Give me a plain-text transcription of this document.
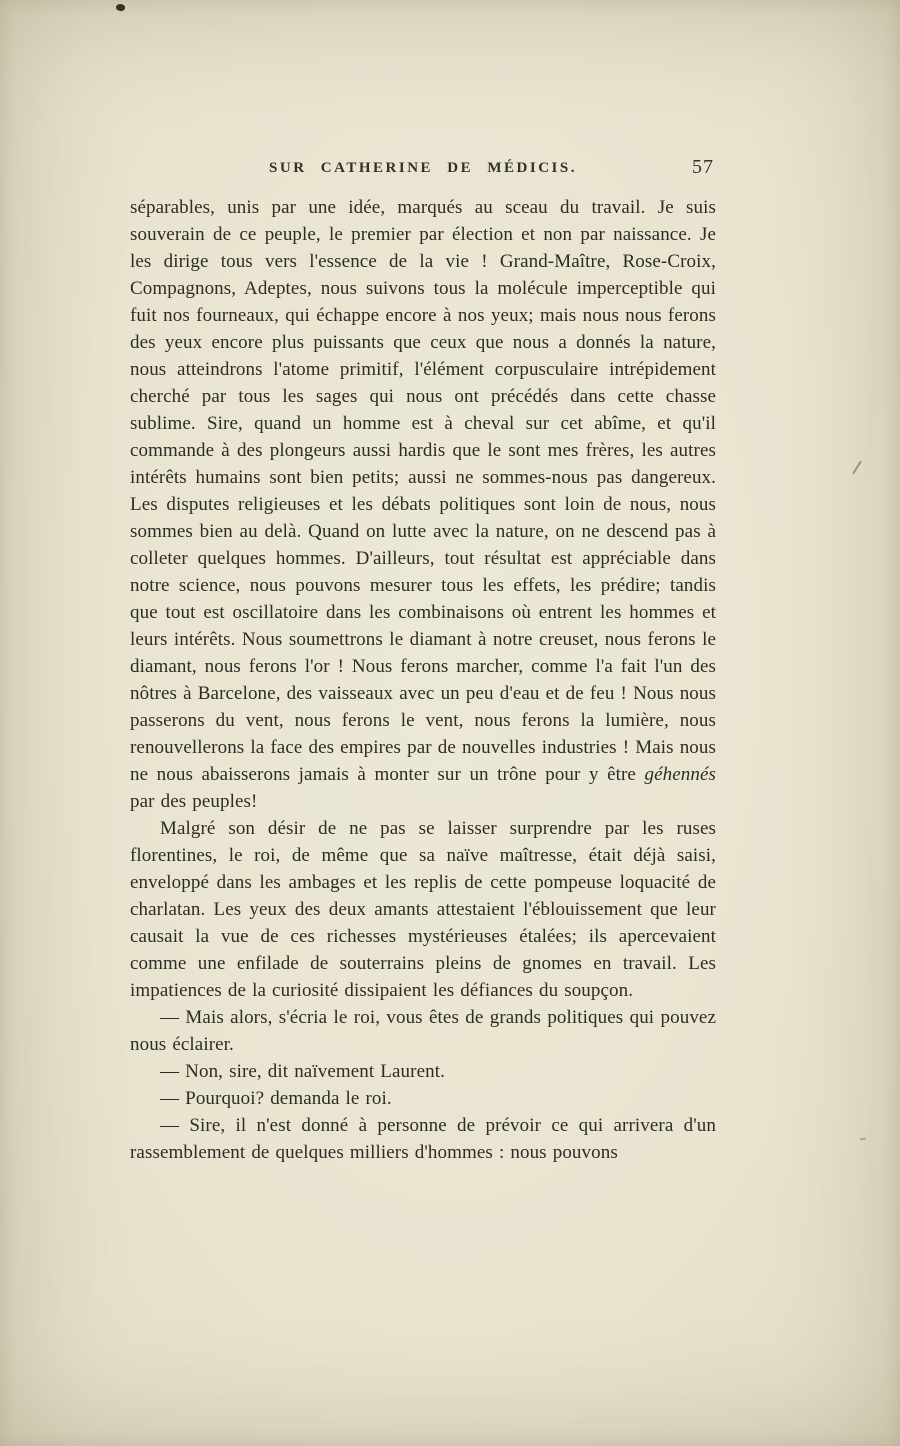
SUR CATHERINE DE MÉDICIS.	57

séparables, unis par une idée, marqués au sceau du travail. Je suis souverain de ce peuple, le premier par élection et non par naissance. Je les dirige tous vers l'essence de la vie ! Grand-Maître, Rose-Croix, Compagnons, Adeptes, nous suivons tous la molécule imperceptible qui fuit nos fourneaux, qui échappe encore à nos yeux; mais nous nous ferons des yeux encore plus puissants que ceux que nous a donnés la nature, nous atteindrons l'atome primitif, l'élément corpusculaire intrépidement cherché par tous les sages qui nous ont précédés dans cette chasse sublime. Sire, quand un homme est à cheval sur cet abîme, et qu'il commande à des plongeurs aussi hardis que le sont mes frères, les autres intérêts humains sont bien petits; aussi ne sommes-nous pas dangereux. Les disputes religieuses et les débats politiques sont loin de nous, nous sommes bien au delà. Quand on lutte avec la nature, on ne descend pas à colleter quelques hommes. D'ailleurs, tout résultat est appréciable dans notre science, nous pouvons mesurer tous les effets, les prédire; tandis que tout est oscillatoire dans les combinaisons où entrent les hommes et leurs intérêts. Nous soumettrons le diamant à notre creuset, nous ferons le diamant, nous ferons l'or ! Nous ferons marcher, comme l'a fait l'un des nôtres à Barcelone, des vaisseaux avec un peu d'eau et de feu ! Nous nous passerons du vent, nous ferons le vent, nous ferons la lumière, nous renouvellerons la face des empires par de nouvelles industries ! Mais nous ne nous abaisserons jamais à monter sur un trône pour y être géhennés par des peuples!

Malgré son désir de ne pas se laisser surprendre par les ruses florentines, le roi, de même que sa naïve maîtresse, était déjà saisi, enveloppé dans les ambages et les replis de cette pompeuse loquacité de charlatan. Les yeux des deux amants attestaient l'éblouissement que leur causait la vue de ces richesses mystérieuses étalées; ils apercevaient comme une enfilade de souterrains pleins de gnomes en travail. Les impatiences de la curiosité dissipaient les défiances du soupçon.

— Mais alors, s'écria le roi, vous êtes de grands politiques qui pouvez nous éclairer.

— Non, sire, dit naïvement Laurent.

— Pourquoi? demanda le roi.

— Sire, il n'est donné à personne de prévoir ce qui arrivera d'un rassemblement de quelques milliers d'hommes : nous pouvons
